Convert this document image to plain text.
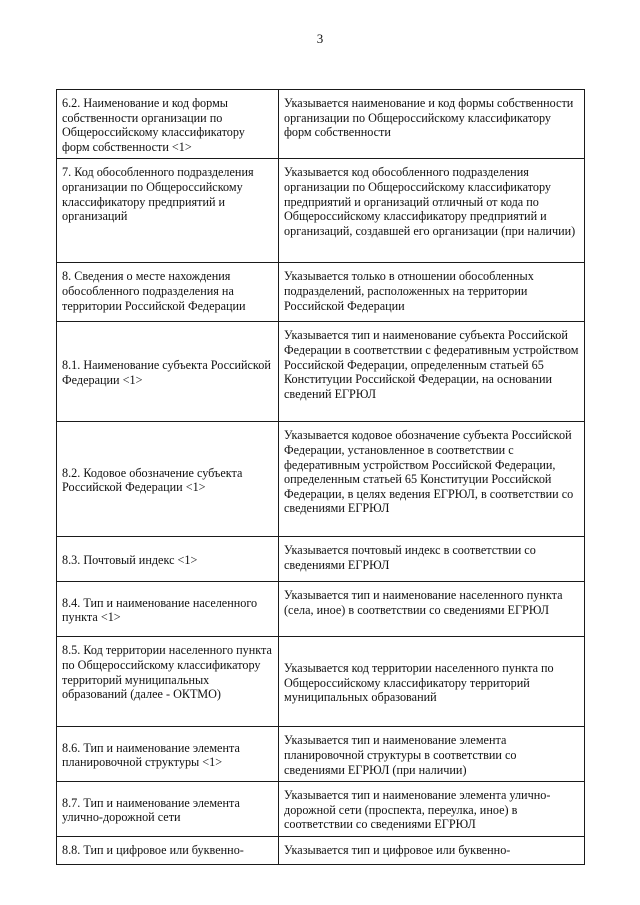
3
6.2. Наименование и код формы собственности организации по Общероссийскому классификатору форм собственности <1>	Указывается наименование и код формы собственности организации по Общероссийскому классификатору форм собственности
7. Код обособленного подразделения организации по Общероссийскому классификатору предприятий и организаций	Указывается код обособленного подразделения организации по Общероссийскому классификатору предприятий и организаций отличный от кода по Общероссийскому классификатору предприятий и организаций, создавшей его организации (при наличии)
8. Сведения о месте нахождения обособленного подразделения на территории Российской Федерации	Указывается только в отношении обособленных подразделений, расположенных на территории Российской Федерации
8.1. Наименование субъекта Российской Федерации <1>	Указывается тип и наименование субъекта Российской Федерации в соответствии с федеративным устройством Российской Федерации, определенным статьей 65 Конституции Российской Федерации, на основании сведений ЕГРЮЛ
8.2. Кодовое обозначение субъекта Российской Федерации <1>	Указывается кодовое обозначение субъекта Российской Федерации, установленное в соответствии с федеративным устройством Российской Федерации, определенным статьей 65 Конституции Российской Федерации, в целях ведения ЕГРЮЛ, в соответствии со сведениями ЕГРЮЛ
8.3. Почтовый индекс <1>	Указывается почтовый индекс в соответствии со сведениями ЕГРЮЛ
8.4. Тип и наименование населенного пункта <1>	Указывается тип и наименование населенного пункта (села, иное) в соответствии со сведениями ЕГРЮЛ
8.5. Код территории населенного пункта по Общероссийскому классификатору территорий муниципальных образований (далее - ОКТМО)	Указывается код территории населенного пункта по Общероссийскому классификатору территорий муниципальных образований
8.6. Тип и наименование элемента планировочной структуры <1>	Указывается тип и наименование элемента планировочной структуры в соответствии со сведениями ЕГРЮЛ (при наличии)
8.7. Тип и наименование элемента улично-дорожной сети	Указывается тип и наименование элемента улично-дорожной сети (проспекта, переулка, иное) в соответствии со сведениями ЕГРЮЛ
8.8. Тип и цифровое или буквенно-	Указывается тип и цифровое или буквенно-
